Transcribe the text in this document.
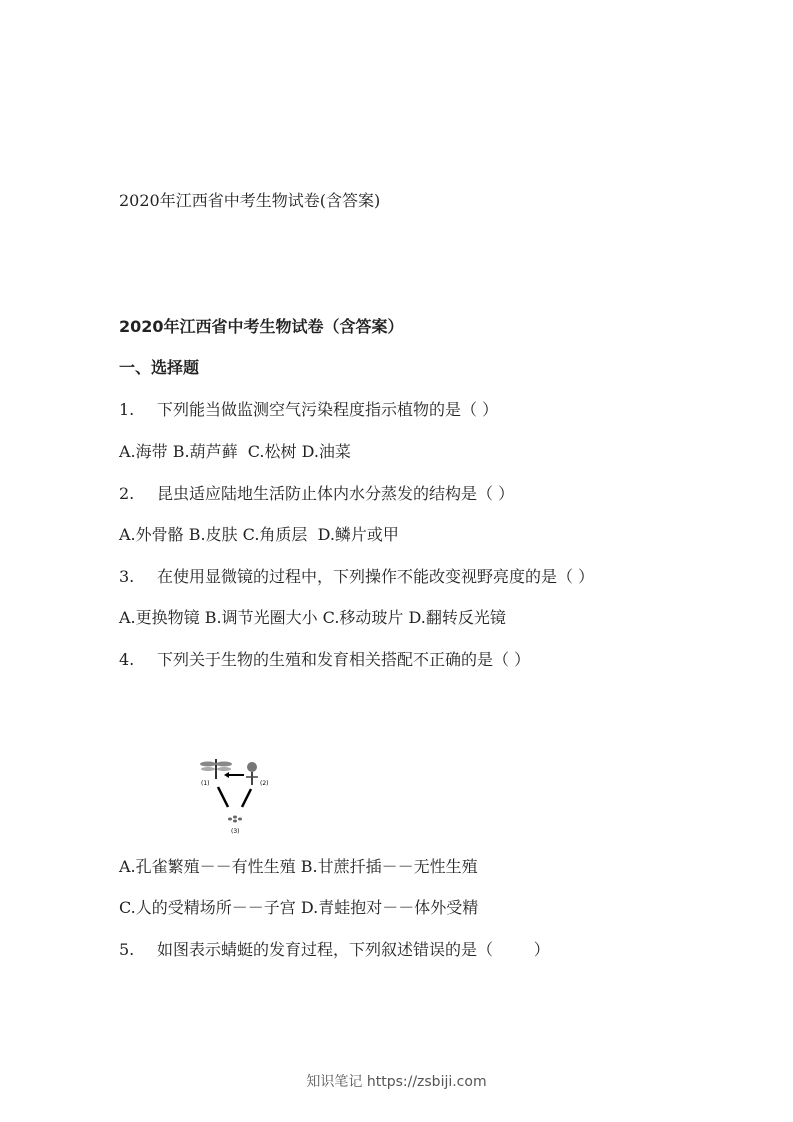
2020年江西省中考生物试卷(含答案)
2020年江西省中考生物试卷（含答案）
一、选择题
1. 下列能当做监测空气污染程度指示植物的是（ ）
A.海带 B.葫芦藓  C.松树 D.油菜
2. 昆虫适应陆地生活防止体内水分蒸发的结构是（ ）
A.外骨骼 B.皮肤 C.角质层  D.鳞片或甲
3. 在使用显微镜的过程中，下列操作不能改变视野亮度的是（ ）
A.更换物镜 B.调节光圈大小 C.移动玻片 D.翻转反光镜
4. 下列关于生物的生殖和发育相关搭配不正确的是（ ）
(1)	(2)
(3)
A.孔雀繁殖－－有性生殖 B.甘蔗扦插－－无性生殖
C.人的受精场所－－子宫 D.青蛙抱对－－体外受精
5. 如图表示蜻蜓的发育过程，下列叙述错误的是（        ）
知识笔记 https://zsbiji.com
